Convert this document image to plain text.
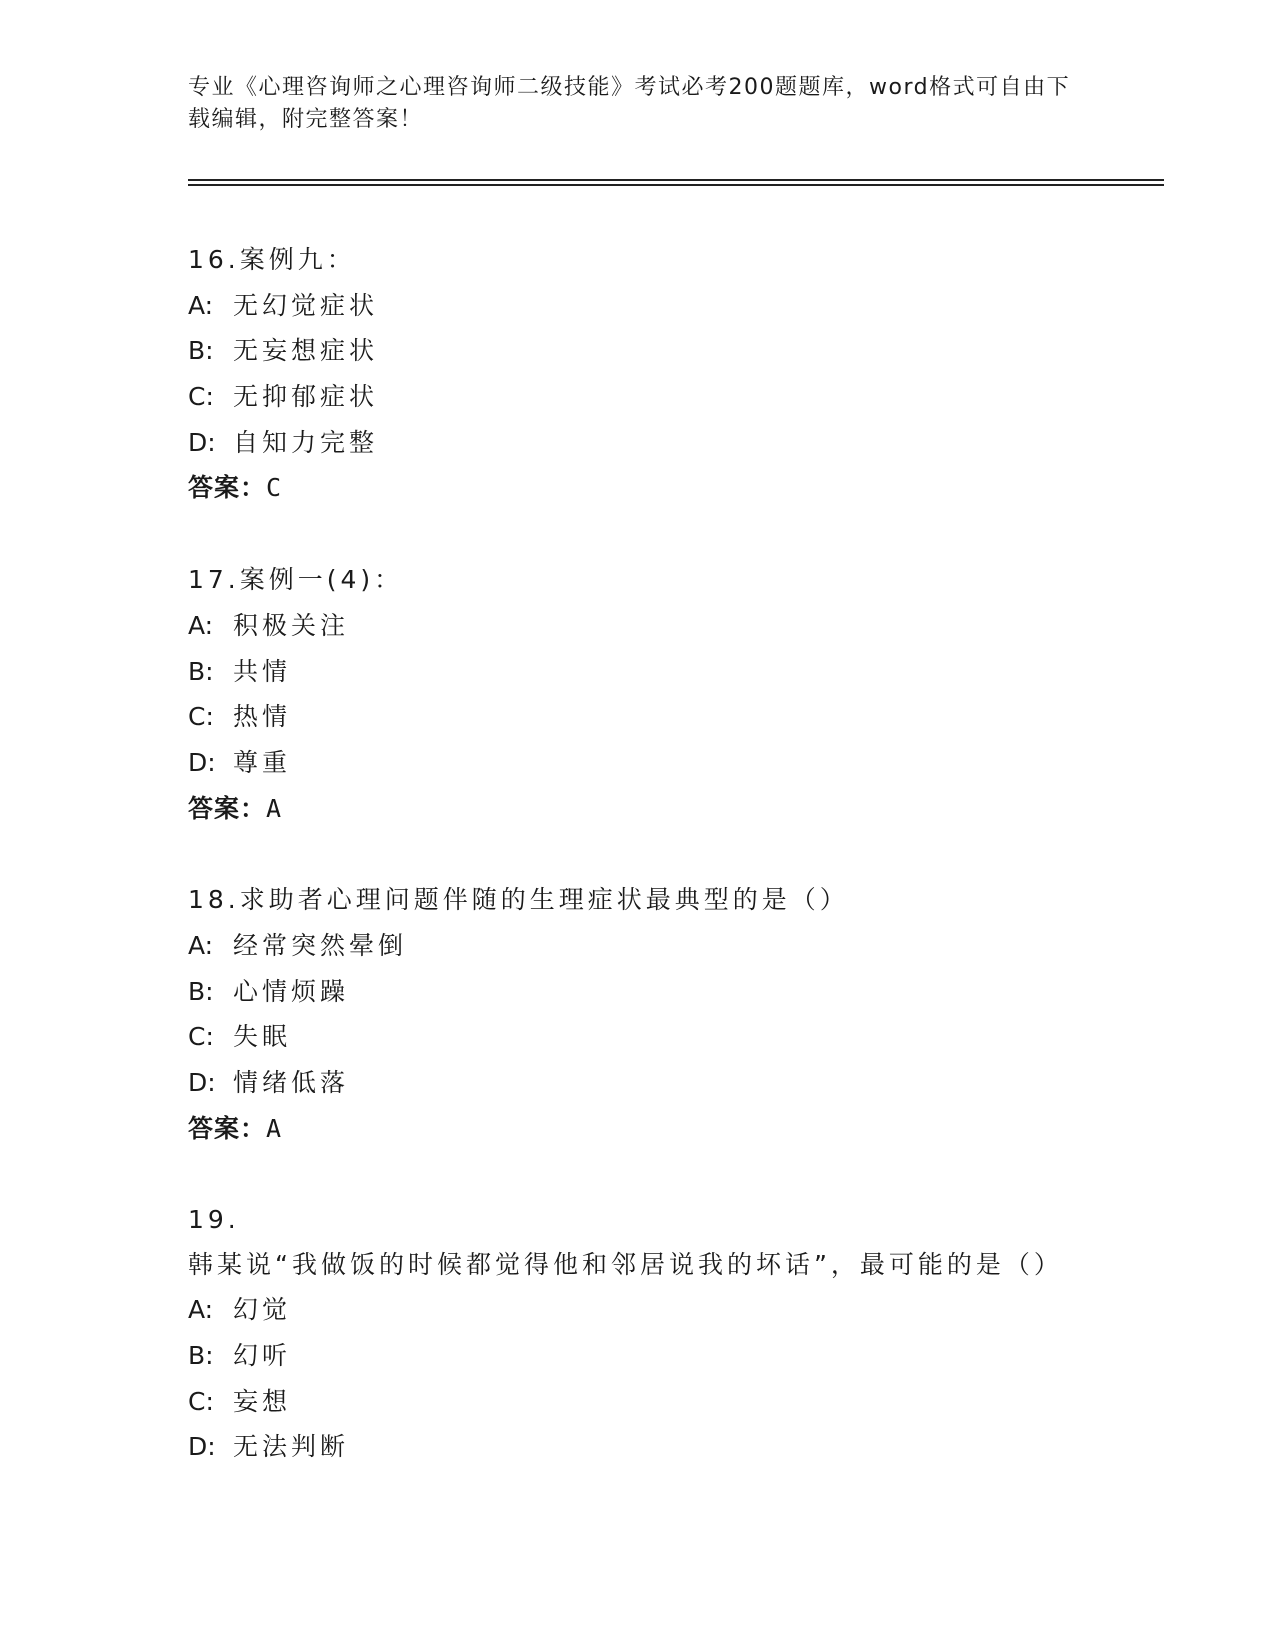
专业《心理咨询师之心理咨询师二级技能》考试必考200题题库，word格式可自由下载编辑，附完整答案！
16.案例九：
A: 无幻觉症状
B: 无妄想症状
C: 无抑郁症状
D: 自知力完整
答案：C
17.案例一(4)：
A: 积极关注
B: 共情
C: 热情
D: 尊重
答案：A
18.求助者心理问题伴随的生理症状最典型的是（）
A: 经常突然晕倒
B: 心情烦躁
C: 失眠
D: 情绪低落
答案：A
19.韩某说“我做饭的时候都觉得他和邻居说我的坏话”，最可能的是（）
A: 幻觉
B: 幻听
C: 妄想
D: 无法判断
